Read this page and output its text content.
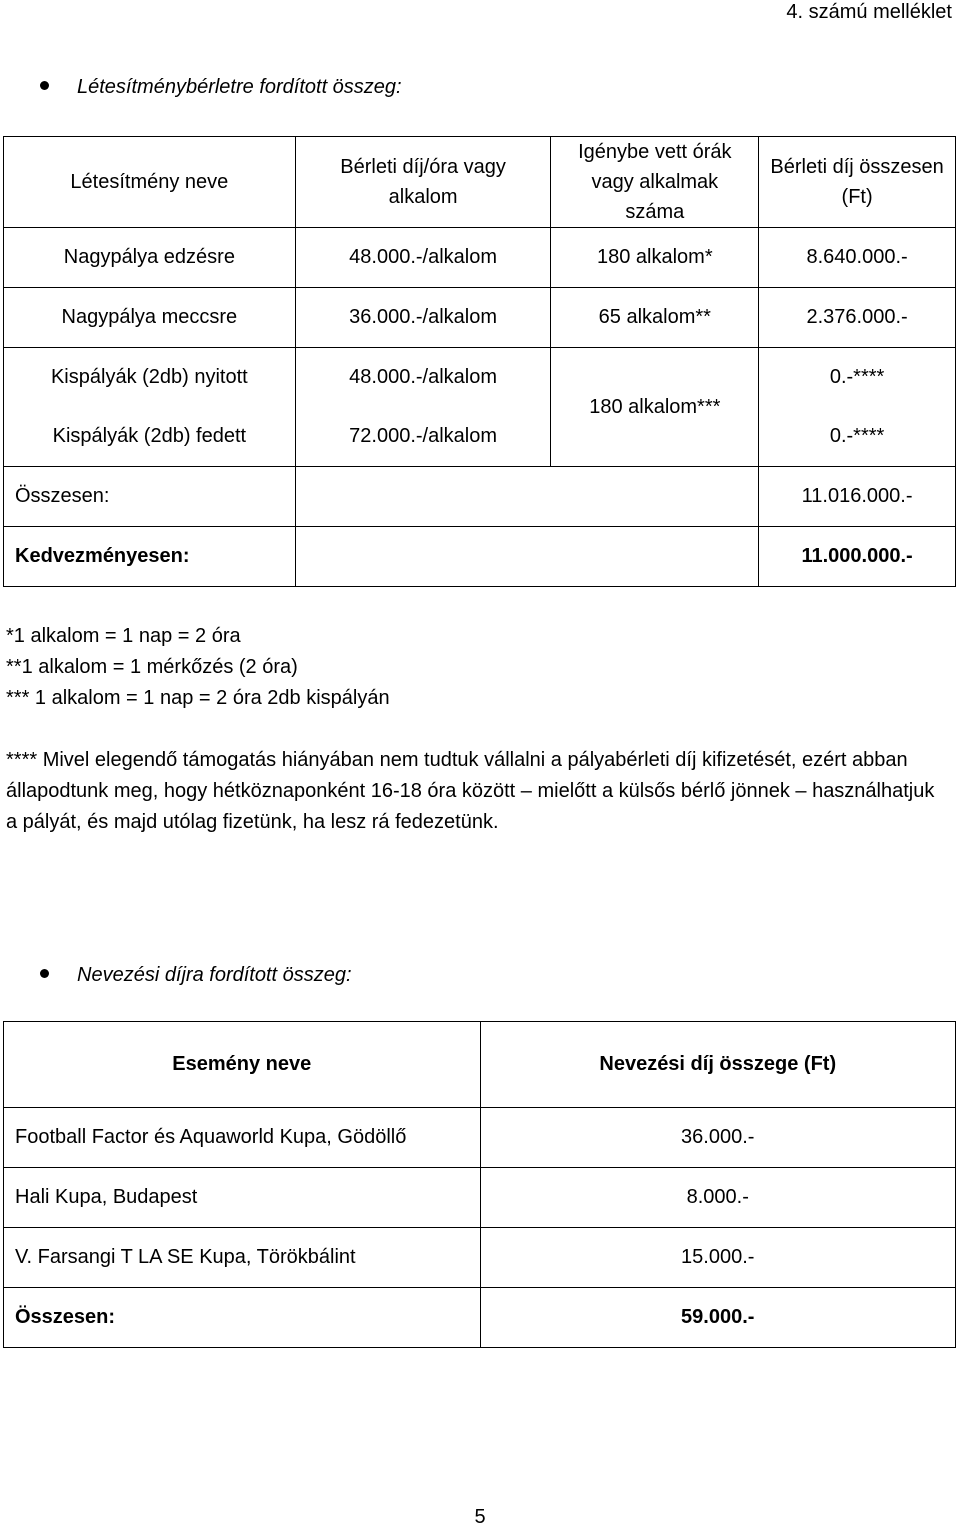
4. számú melléklet
Létesítménybérletre fordított összeg:
Létesítmény neve	Bérleti díj/óra vagy alkalom	Igénybe vett órák vagy alkalmak száma	Bérleti díj összesen (Ft)
Nagypálya edzésre	48.000.-/alkalom	180 alkalom*	8.640.000.-
Nagypálya meccsre	36.000.-/alkalom	65 alkalom**	2.376.000.-
Kispályák (2db) nyitott	48.000.-/alkalom	180 alkalom***	0.-****
Kispályák (2db) fedett	72.000.-/alkalom		0.-****
Összesen:			11.016.000.-
Kedvezményesen:			11.000.000.-
*1 alkalom = 1 nap = 2 óra
**1 alkalom = 1 mérkőzés (2 óra)
*** 1 alkalom = 1 nap = 2 óra 2db kispályán
**** Mivel elegendő támogatás hiányában nem tudtuk vállalni a pályabérleti díj kifizetését, ezért abban állapodtunk meg, hogy hétköznaponként 16-18 óra között – mielőtt a külsős bérlő jönnek – használhatjuk a pályát, és majd utólag fizetünk, ha lesz rá fedezetünk.
Nevezési díjra fordított összeg:
Esemény neve	Nevezési díj összege (Ft)
Football Factor és Aquaworld Kupa, Gödöllő	36.000.-
Hali Kupa, Budapest	8.000.-
V. Farsangi T LA SE Kupa, Törökbálint	15.000.-
Összesen:	59.000.-
5
